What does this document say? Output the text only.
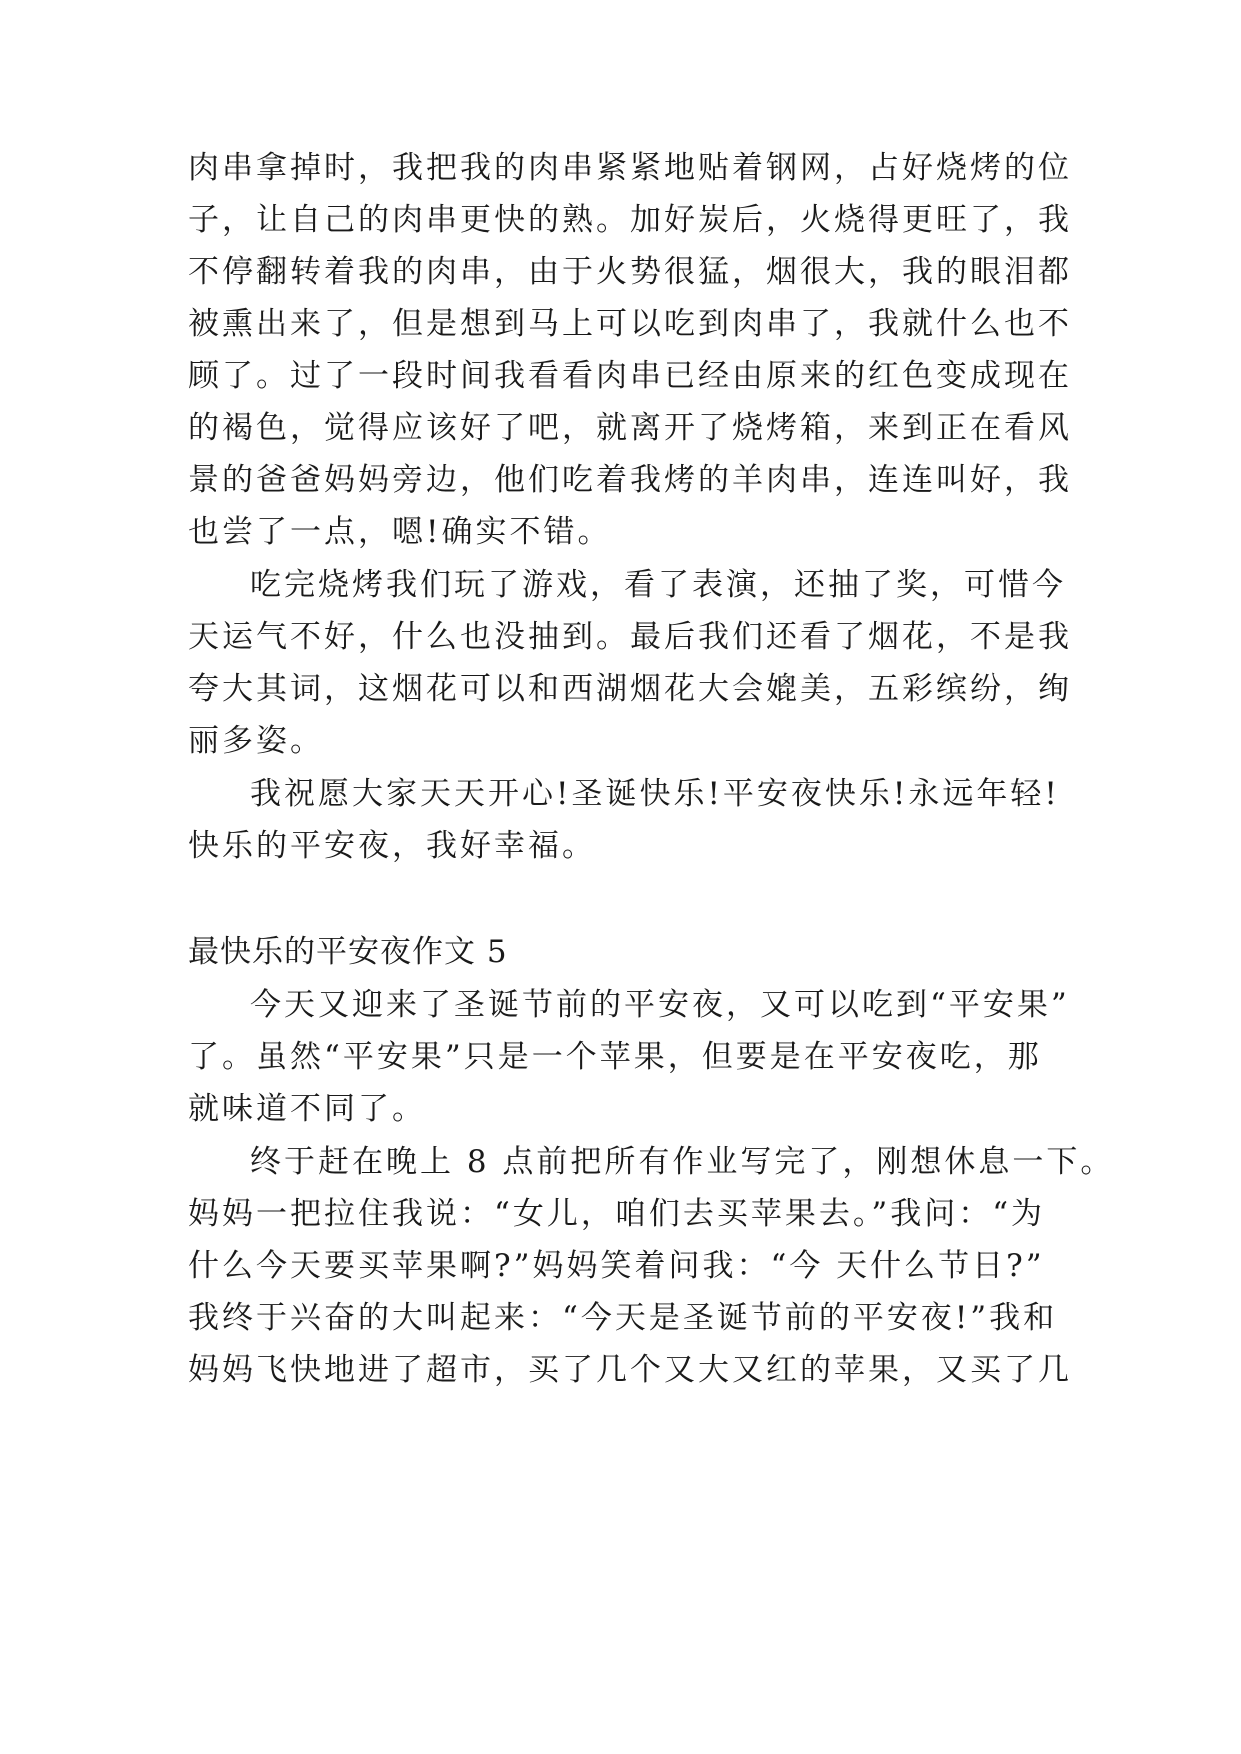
肉串拿掉时，我把我的肉串紧紧地贴着钢网，占好烧烤的位
子，让自己的肉串更快的熟。加好炭后，火烧得更旺了，我
不停翻转着我的肉串，由于火势很猛，烟很大，我的眼泪都
被熏出来了，但是想到马上可以吃到肉串了，我就什么也不
顾了。过了一段时间我看看肉串已经由原来的红色变成现在
的褐色，觉得应该好了吧，就离开了烧烤箱，来到正在看风
景的爸爸妈妈旁边，他们吃着我烤的羊肉串，连连叫好，我
也尝了一点，嗯!确实不错。
吃完烧烤我们玩了游戏，看了表演，还抽了奖，可惜今
天运气不好，什么也没抽到。最后我们还看了烟花，不是我
夸大其词，这烟花可以和西湖烟花大会媲美，五彩缤纷，绚
丽多姿。
我祝愿大家天天开心!圣诞快乐!平安夜快乐!永远年轻!
快乐的平安夜，我好幸福。
最快乐的平安夜作文 5
今天又迎来了圣诞节前的平安夜，又可以吃到“平安果”
了。虽然“平安果”只是一个苹果，但要是在平安夜吃，那
就味道不同了。
终于赶在晚上 8 点前把所有作业写完了，刚想休息一下。
妈妈一把拉住我说：“女儿，咱们去买苹果去。”我问：“为
什么今天要买苹果啊?”妈妈笑着问我：“今 天什么节日?”
我终于兴奋的大叫起来：“今天是圣诞节前的平安夜!”我和
妈妈飞快地进了超市，买了几个又大又红的苹果，又买了几
